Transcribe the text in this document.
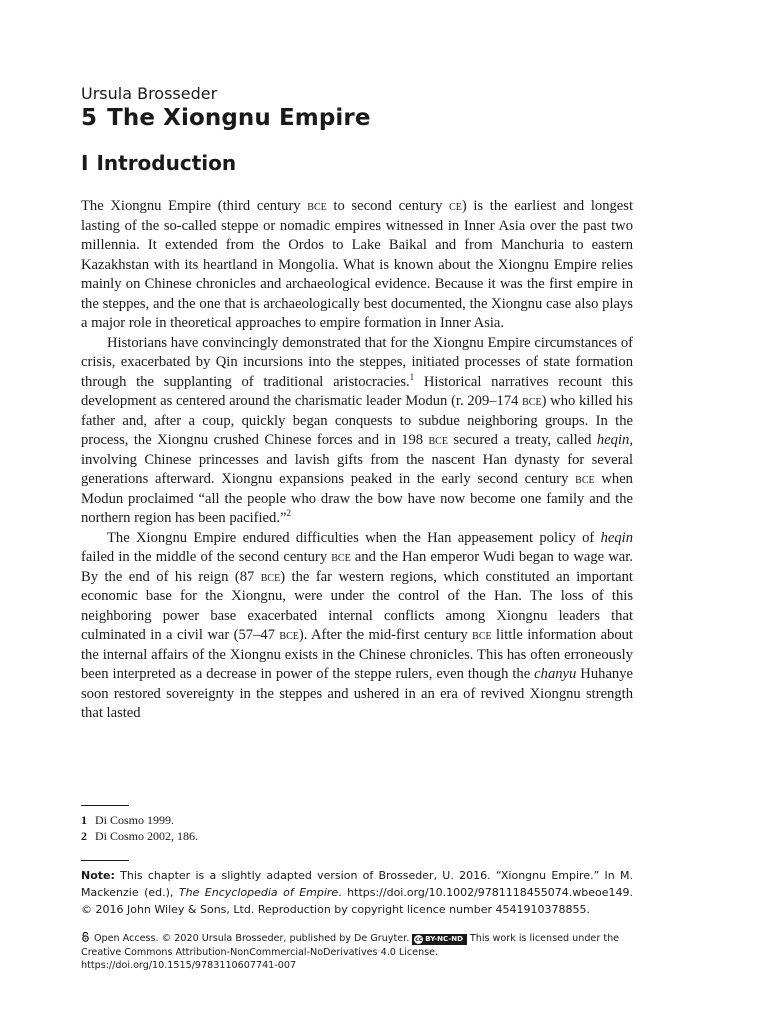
Ursula Brosseder
5 The Xiongnu Empire
I Introduction

The Xiongnu Empire (third century bce to second century ce) is the earliest and longest lasting of the so-called steppe or nomadic empires witnessed in Inner Asia over the past two millennia. It extended from the Ordos to Lake Baikal and from Manchuria to eastern Kazakhstan with its heartland in Mongolia. What is known about the Xiongnu Empire relies mainly on Chinese chronicles and archaeological evidence. Because it was the first empire in the steppes, and the one that is archaeologically best documented, the Xiongnu case also plays a major role in theoretical approaches to empire formation in Inner Asia.

Historians have convincingly demonstrated that for the Xiongnu Empire circumstances of crisis, exacerbated by Qin incursions into the steppes, initiated processes of state formation through the supplanting of traditional aristocracies.$^1$ Historical narratives recount this development as centered around the charismatic leader Modun (r. 209–174 bce) who killed his father and, after a coup, quickly began conquests to subdue neighboring groups. In the process, the Xiongnu crushed Chinese forces and in 198 bce secured a treaty, called heqin, involving Chinese princesses and lavish gifts from the nascent Han dynasty for several generations afterward. Xiongnu expansions peaked in the early second century bce when Modun proclaimed “all the people who draw the bow have now become one family and the northern region has been pacified.”$^2$

The Xiongnu Empire endured difficulties when the Han appeasement policy of heqin failed in the middle of the second century bce and the Han emperor Wudi began to wage war. By the end of his reign (87 bce) the far western regions, which constituted an important economic base for the Xiongnu, were under the control of the Han. The loss of this neighboring power base exacerbated internal conflicts among Xiongnu leaders that culminated in a civil war (57–47 bce). After the mid-first century bce little information about the internal affairs of the Xiongnu exists in the Chinese chronicles. This has often erroneously been interpreted as a decrease in power of the steppe rulers, even though the chanyu Huhanye soon restored sovereignty in the steppes and ushered in an era of revived Xiongnu strength that lasted

1 Di Cosmo 1999.

2 Di Cosmo 2002, 186.

Note: This chapter is a slightly adapted version of Brosseder, U. 2016. “Xiongnu Empire.” In M. Mackenzie (ed.), The Encyclopedia of Empire. https://doi.org/10.1002/9781118455074.wbeoe149. © 2016 John Wiley & Sons, Ltd. Reproduction by copyright licence number 4541910378855.

Open Access. © 2020 Ursula Brosseder, published by De Gruyter. cc BY-NC-ND This work is licensed under the Creative Commons Attribution-NonCommercial-NoDerivatives 4.0 License.

https://doi.org/10.1515/9783110607741-007
